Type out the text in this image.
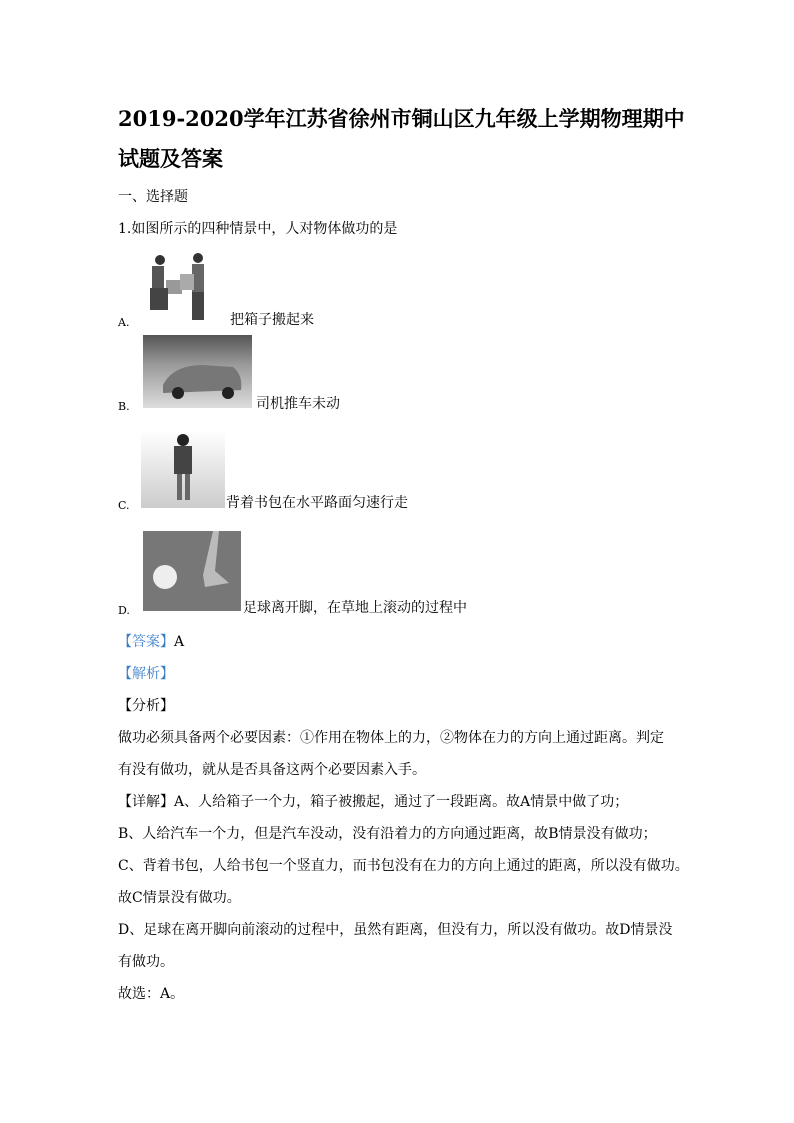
2019-2020学年江苏省徐州市铜山区九年级上学期物理期中
试题及答案
一、选择题
1.如图所示的四种情景中，人对物体做功的是
A.	把箱子搬起来
B.	司机推车未动
C.	背着书包在水平路面匀速行走
D.	足球离开脚，在草地上滚动的过程中
【答案】A
【解析】
【分析】
做功必须具备两个必要因素：①作用在物体上的力，②物体在力的方向上通过距离。判定
有没有做功，就从是否具备这两个必要因素入手。
【详解】A、人给箱子一个力，箱子被搬起，通过了一段距离。故A情景中做了功；
B、人给汽车一个力，但是汽车没动，没有沿着力的方向通过距离，故B情景没有做功；
C、背着书包，人给书包一个竖直力，而书包没有在力的方向上通过的距离，所以没有做功。
故C情景没有做功。
D、足球在离开脚向前滚动的过程中，虽然有距离，但没有力，所以没有做功。故D情景没
有做功。
故选：A。
